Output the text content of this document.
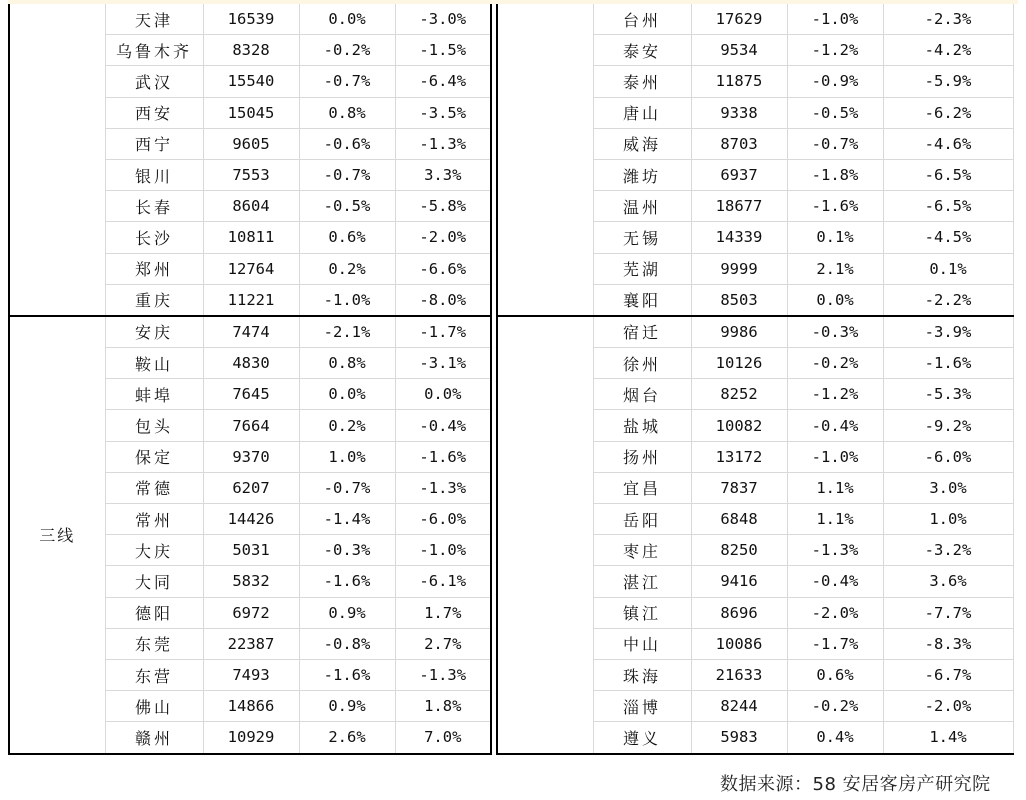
	天津	16539	0.0%	-3.0%
	乌鲁木齐	8328	-0.2%	-1.5%
	武汉	15540	-0.7%	-6.4%
	西安	15045	0.8%	-3.5%
	西宁	9605	-0.6%	-1.3%
	银川	7553	-0.7%	3.3%
	长春	8604	-0.5%	-5.8%
	长沙	10811	0.6%	-2.0%
	郑州	12764	0.2%	-6.6%
	重庆	11221	-1.0%	-8.0%
三线	安庆	7474	-2.1%	-1.7%
	鞍山	4830	0.8%	-3.1%
	蚌埠	7645	0.0%	0.0%
	包头	7664	0.2%	-0.4%
	保定	9370	1.0%	-1.6%
	常德	6207	-0.7%	-1.3%
	常州	14426	-1.4%	-6.0%
	大庆	5031	-0.3%	-1.0%
	大同	5832	-1.6%	-6.1%
	德阳	6972	0.9%	1.7%
	东莞	22387	-0.8%	2.7%
	东营	7493	-1.6%	-1.3%
	佛山	14866	0.9%	1.8%
	赣州	10929	2.6%	7.0%
	台州	17629	-1.0%	-2.3%
	泰安	9534	-1.2%	-4.2%
	泰州	11875	-0.9%	-5.9%
	唐山	9338	-0.5%	-6.2%
	威海	8703	-0.7%	-4.6%
	潍坊	6937	-1.8%	-6.5%
	温州	18677	-1.6%	-6.5%
	无锡	14339	0.1%	-4.5%
	芜湖	9999	2.1%	0.1%
	襄阳	8503	0.0%	-2.2%
	宿迁	9986	-0.3%	-3.9%
	徐州	10126	-0.2%	-1.6%
	烟台	8252	-1.2%	-5.3%
	盐城	10082	-0.4%	-9.2%
	扬州	13172	-1.0%	-6.0%
	宜昌	7837	1.1%	3.0%
	岳阳	6848	1.1%	1.0%
	枣庄	8250	-1.3%	-3.2%
	湛江	9416	-0.4%	3.6%
	镇江	8696	-2.0%	-7.7%
	中山	10086	-1.7%	-8.3%
	珠海	21633	0.6%	-6.7%
	淄博	8244	-0.2%	-2.0%
	遵义	5983	0.4%	1.4%
数据来源：58 安居客房产研究院
